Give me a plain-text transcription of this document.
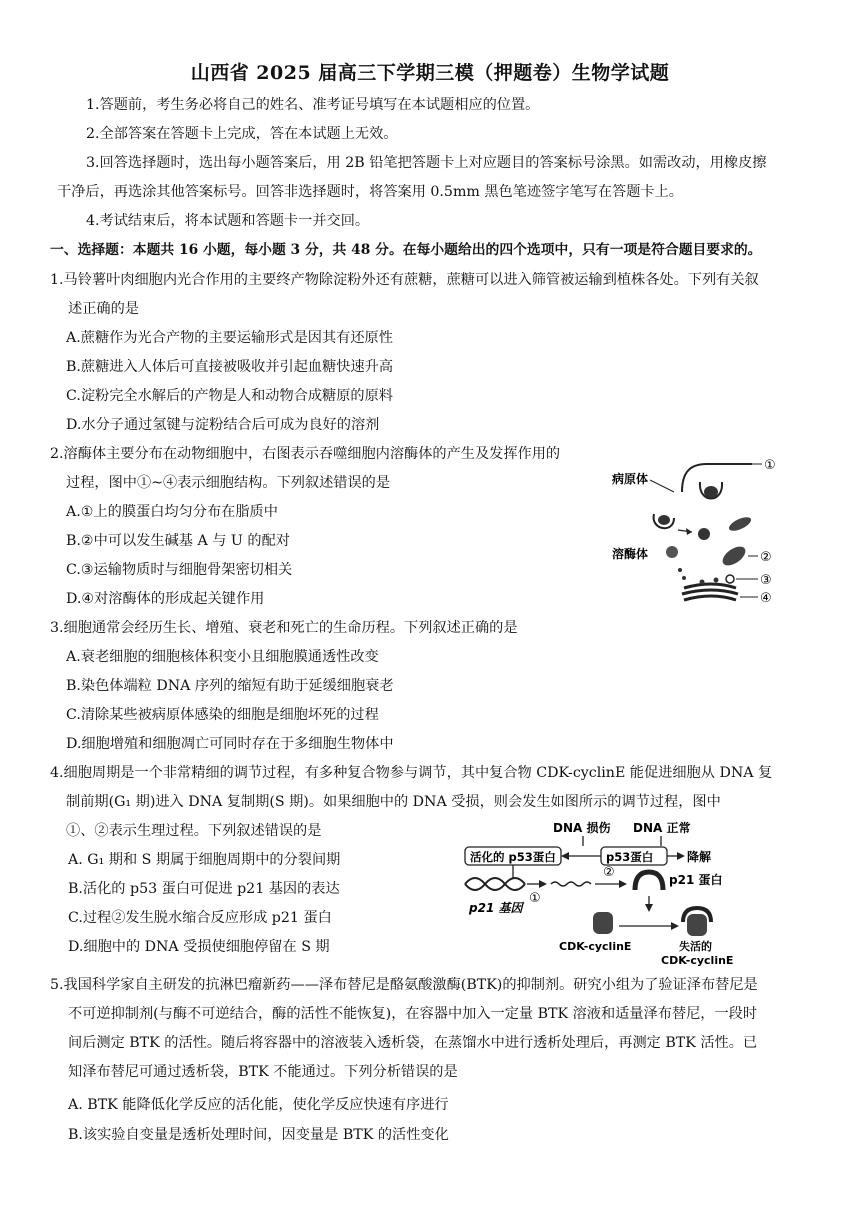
山西省 2025 届高三下学期三模（押题卷）生物学试题
1.答题前，考生务必将自己的姓名、准考证号填写在本试题相应的位置。
2.全部答案在答题卡上完成，答在本试题上无效。
3.回答选择题时，选出每小题答案后，用 2B 铅笔把答题卡上对应题目的答案标号涂黑。如需改动，用橡皮擦
干净后，再选涂其他答案标号。回答非选择题时，将答案用 0.5mm 黑色笔迹签字笔写在答题卡上。
4.考试结束后，将本试题和答题卡一并交回。
一、选择题：本题共 16 小题，每小题 3 分，共 48 分。在每小题给出的四个选项中，只有一项是符合题目要求的。
1.马铃薯叶肉细胞内光合作用的主要终产物除淀粉外还有蔗糖，蔗糖可以进入筛管被运输到植株各处。下列有关叙
述正确的是
A.蔗糖作为光合产物的主要运输形式是因其有还原性
B.蔗糖进入人体后可直接被吸收并引起血糖快速升高
C.淀粉完全水解后的产物是人和动物合成糖原的原料
D.水分子通过氢键与淀粉结合后可成为良好的溶剂
2.溶酶体主要分布在动物细胞中，右图表示吞噬细胞内溶酶体的产生及发挥作用的
过程，图中①~④表示细胞结构。下列叙述错误的是
A.①上的膜蛋白均匀分布在脂质中
B.②中可以发生碱基 A 与 U 的配对
C.③运输物质时与细胞骨架密切相关
D.④对溶酶体的形成起关键作用
①
病原体
②
溶酶体
③
④
3.细胞通常会经历生长、增殖、衰老和死亡的生命历程。下列叙述正确的是
A.衰老细胞的细胞核体积变小且细胞膜通透性改变
B.染色体端粒 DNA 序列的缩短有助于延缓细胞衰老
C.清除某些被病原体感染的细胞是细胞坏死的过程
D.细胞增殖和细胞凋亡可同时存在于多细胞生物体中
4.细胞周期是一个非常精细的调节过程，有多种复合物参与调节，其中复合物 CDK-cyclinE 能促进细胞从 DNA 复
制前期(G₁ 期)进入 DNA 复制期(S 期)。如果细胞中的 DNA 受损，则会发生如图所示的调节过程，图中
①、②表示生理过程。下列叙述错误的是
A. G₁ 期和 S 期属于细胞周期中的分裂间期
B.活化的 p53 蛋白可促进 p21 基因的表达
C.过程②发生脱水缩合反应形成 p21 蛋白
D.细胞中的 DNA 受损使细胞停留在 S 期
DNA 损伤 DNA 正常
活化的 p53蛋白	p53蛋白	降解
p21 基因
①
②	p21 蛋白
CDK-cyclinE	失活的
CDK-cyclinE
5.我国科学家自主研发的抗淋巴瘤新药——泽布替尼是酪氨酸激酶(BTK)的抑制剂。研究小组为了验证泽布替尼是
不可逆抑制剂(与酶不可逆结合，酶的活性不能恢复)，在容器中加入一定量 BTK 溶液和适量泽布替尼，一段时
间后测定 BTK 的活性。随后将容器中的溶液装入透析袋，在蒸馏水中进行透析处理后，再测定 BTK 活性。已
知泽布替尼可通过透析袋，BTK 不能通过。下列分析错误的是
A. BTK 能降低化学反应的活化能，使化学反应快速有序进行
B.该实验自变量是透析处理时间，因变量是 BTK 的活性变化
